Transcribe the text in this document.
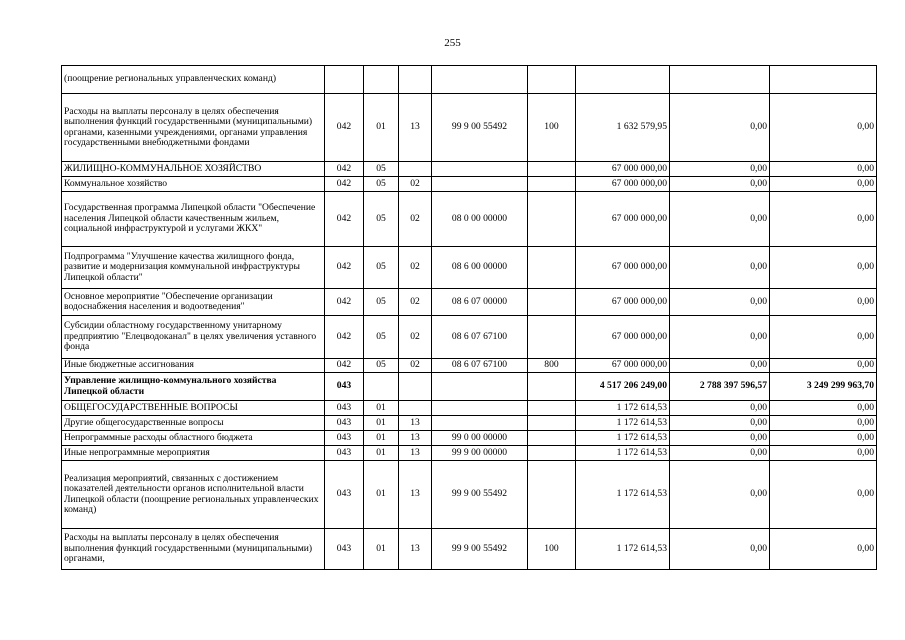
255
(поощрение региональных управленческих команд)								
Расходы на выплаты персоналу в целях обеспечения выполнения функций государственными (муниципальными) органами, казенными учреждениями, органами управления государственными внебюджетными фондами	042	01	13	99 9 00 55492	100	1 632 579,95	0,00	0,00
ЖИЛИЩНО-КОММУНАЛЬНОЕ ХОЗЯЙСТВО	042	05				67 000 000,00	0,00	0,00
Коммунальное хозяйство	042	05	02			67 000 000,00	0,00	0,00
Государственная программа Липецкой области "Обеспечение населения Липецкой области качественным жильем, социальной инфраструктурой и услугами ЖКХ"	042	05	02	08 0 00 00000		67 000 000,00	0,00	0,00
Подпрограмма "Улучшение качества жилищного фонда, развитие и модернизация коммунальной инфраструктуры Липецкой области"	042	05	02	08 6 00 00000		67 000 000,00	0,00	0,00
Основное мероприятие "Обеспечение организации водоснабжения населения и водоотведения"	042	05	02	08 6 07 00000		67 000 000,00	0,00	0,00
Субсидии областному государственному унитарному предприятию "Елецводоканал" в целях увеличения уставного фонда	042	05	02	08 6 07 67100		67 000 000,00	0,00	0,00
Иные бюджетные ассигнования	042	05	02	08 6 07 67100	800	67 000 000,00	0,00	0,00
Управление жилищно-коммунального хозяйства Липецкой области	043					4 517 206 249,00	2 788 397 596,57	3 249 299 963,70
ОБЩЕГОСУДАРСТВЕННЫЕ ВОПРОСЫ	043	01				1 172 614,53	0,00	0,00
Другие общегосударственные вопросы	043	01	13			1 172 614,53	0,00	0,00
Непрограммные расходы областного бюджета	043	01	13	99 0 00 00000		1 172 614,53	0,00	0,00
Иные непрограммные мероприятия	043	01	13	99 9 00 00000		1 172 614,53	0,00	0,00
Реализация мероприятий, связанных с достижением показателей деятельности органов исполнительной власти Липецкой области (поощрение региональных управленческих команд)	043	01	13	99 9 00 55492		1 172 614,53	0,00	0,00
Расходы на выплаты персоналу в целях обеспечения выполнения функций государственными (муниципальными) органами,	043	01	13	99 9 00 55492	100	1 172 614,53	0,00	0,00
